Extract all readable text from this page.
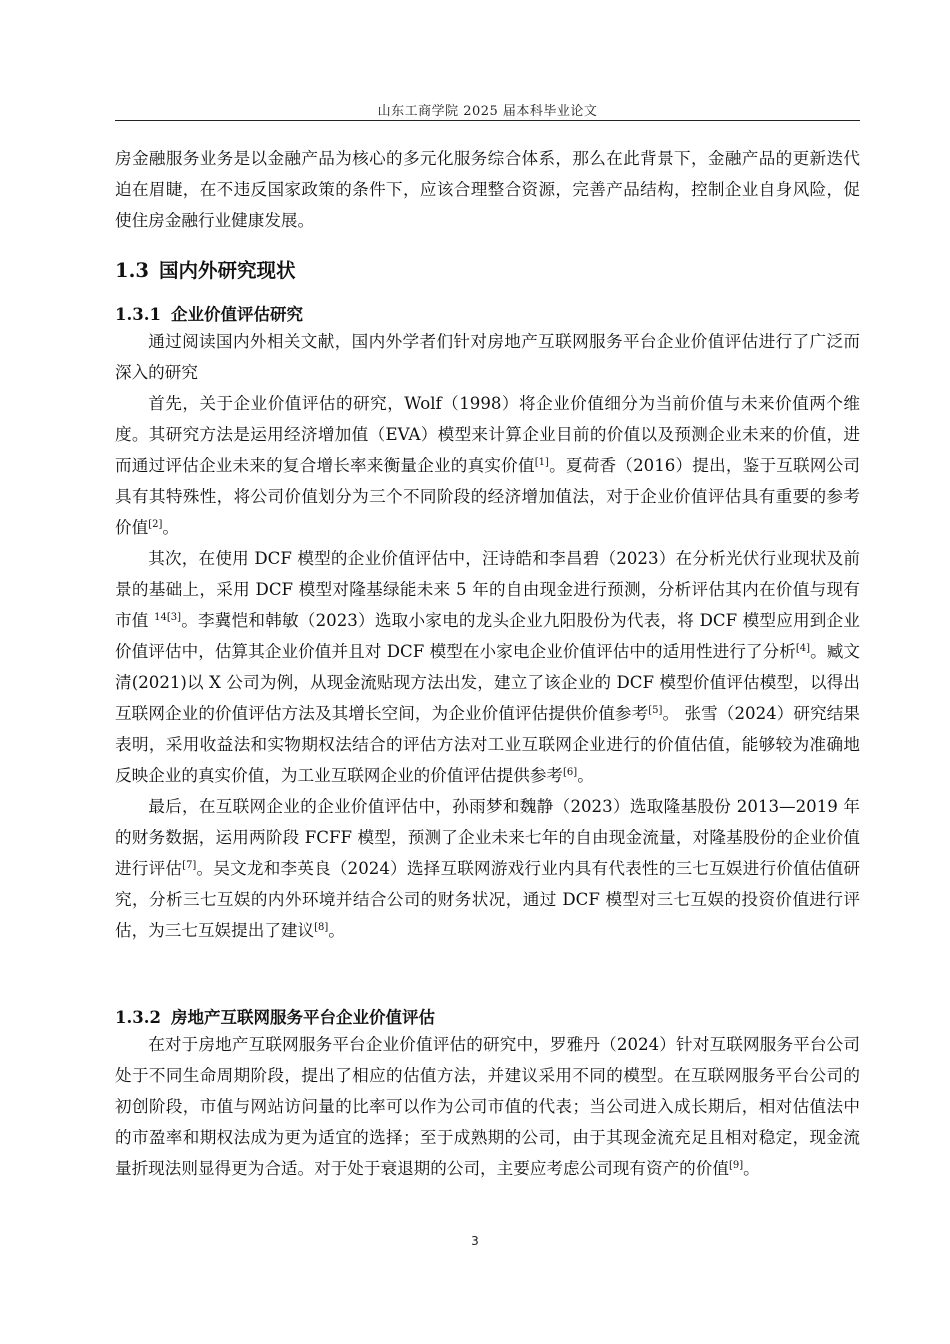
山东工商学院 2025 届本科毕业论文

房金融服务业务是以金融产品为核心的多元化服务综合体系，那么在此背景下，金融产品的更新迭代迫在眉睫，在不违反国家政策的条件下，应该合理整合资源，完善产品结构，控制企业自身风险，促使住房金融行业健康发展。

1.3 国内外研究现状
1.3.1 企业价值评估研究

通过阅读国内外相关文献，国内外学者们针对房地产互联网服务平台企业价值评估进行了广泛而深入的研究

首先，关于企业价值评估的研究，Wolf（1998）将企业价值细分为当前价值与未来价值两个维度。其研究方法是运用经济增加值（EVA）模型来计算企业目前的价值以及预测企业未来的价值，进而通过评估企业未来的复合增长率来衡量企业的真实价值[1]。夏荷香（2016）提出，鉴于互联网公司具有其特殊性，将公司价值划分为三个不同阶段的经济增加值法，对于企业价值评估具有重要的参考价值[2]。

其次，在使用 DCF 模型的企业价值评估中，汪诗皓和李昌碧（2023）在分析光伏行业现状及前景的基础上，采用 DCF 模型对隆基绿能未来 5 年的自由现金进行预测，分析评估其内在价值与现有市值 $^{14[3]}$。李冀恺和韩敏（2023）选取小家电的龙头企业九阳股份为代表，将 DCF 模型应用到企业价值评估中，估算其企业价值并且对 DCF 模型在小家电企业价值评估中的适用性进行了分析[4]。臧文清(2021)以 X 公司为例，从现金流贴现方法出发，建立了该企业的 DCF 模型价值评估模型，以得出互联网企业的价值评估方法及其增长空间，为企业价值评估提供价值参考[5]。 张雪（2024）研究结果表明，采用收益法和实物期权法结合的评估方法对工业互联网企业进行的价值估值，能够较为准确地反映企业的真实价值，为工业互联网企业的价值评估提供参考[6]。

最后，在互联网企业的企业价值评估中，孙雨梦和魏静（2023）选取隆基股份 2013—2019 年的财务数据，运用两阶段 FCFF 模型，预测了企业未来七年的自由现金流量，对隆基股份的企业价值进行评估[7]。吴文龙和李英良（2024）选择互联网游戏行业内具有代表性的三七互娱进行价值估值研究，分析三七互娱的内外环境并结合公司的财务状况，通过 DCF 模型对三七互娱的投资价值进行评估，为三七互娱提出了建议[8]。

1.3.2 房地产互联网服务平台企业价值评估

在对于房地产互联网服务平台企业价值评估的研究中，罗雅丹（2024）针对互联网服务平台公司处于不同生命周期阶段，提出了相应的估值方法，并建议采用不同的模型。在互联网服务平台公司的初创阶段，市值与网站访问量的比率可以作为公司市值的代表；当公司进入成长期后，相对估值法中的市盈率和期权法成为更为适宜的选择；至于成熟期的公司，由于其现金流充足且相对稳定，现金流量折现法则显得更为合适。对于处于衰退期的公司，主要应考虑公司现有资产的价值[9]。

3
